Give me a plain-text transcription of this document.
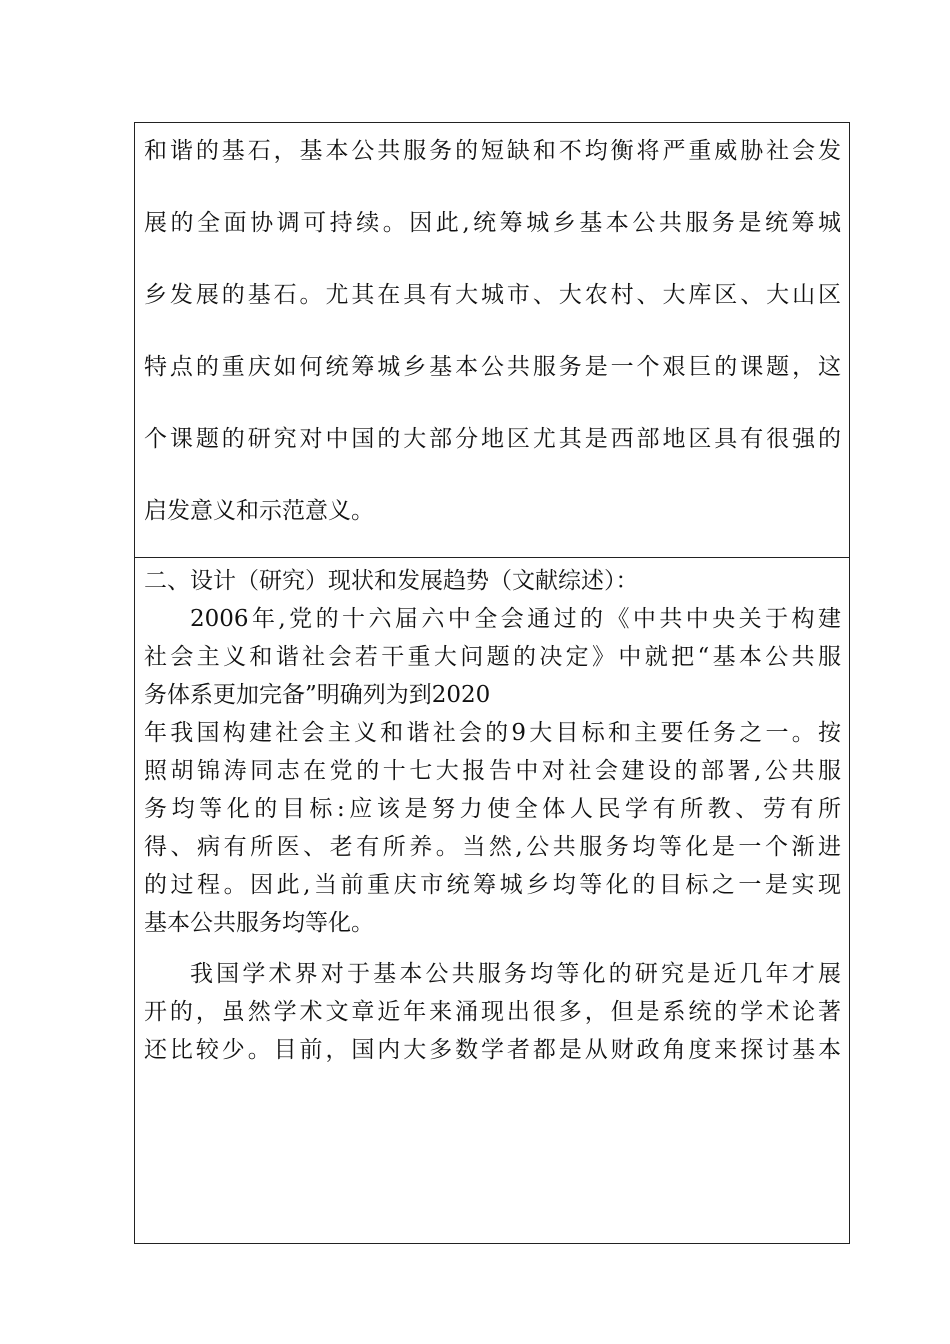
和谐的基石，基本公共服务的短缺和不均衡将严重威胁社会发
展的全面协调可持续。因此,统筹城乡基本公共服务是统筹城
乡发展的基石。尤其在具有大城市、大农村、大库区、大山区
特点的重庆如何统筹城乡基本公共服务是一个艰巨的课题，这
个课题的研究对中国的大部分地区尤其是西部地区具有很强的
启发意义和示范意义。
二、设计（研究）现状和发展趋势（文献综述）：
2006年,党的十六届六中全会通过的《中共中央关于构建
社会主义和谐社会若干重大问题的决定》中就把“基本公共服
务体系更加完备”明确列为到2020
年我国构建社会主义和谐社会的9大目标和主要任务之一。按
照胡锦涛同志在党的十七大报告中对社会建设的部署,公共服
务均等化的目标:应该是努力使全体人民学有所教、劳有所
得、病有所医、老有所养。当然,公共服务均等化是一个渐进
的过程。因此,当前重庆市统筹城乡均等化的目标之一是实现
基本公共服务均等化。
我国学术界对于基本公共服务均等化的研究是近几年才展
开的，虽然学术文章近年来涌现出很多，但是系统的学术论著
还比较少。目前，国内大多数学者都是从财政角度来探讨基本
